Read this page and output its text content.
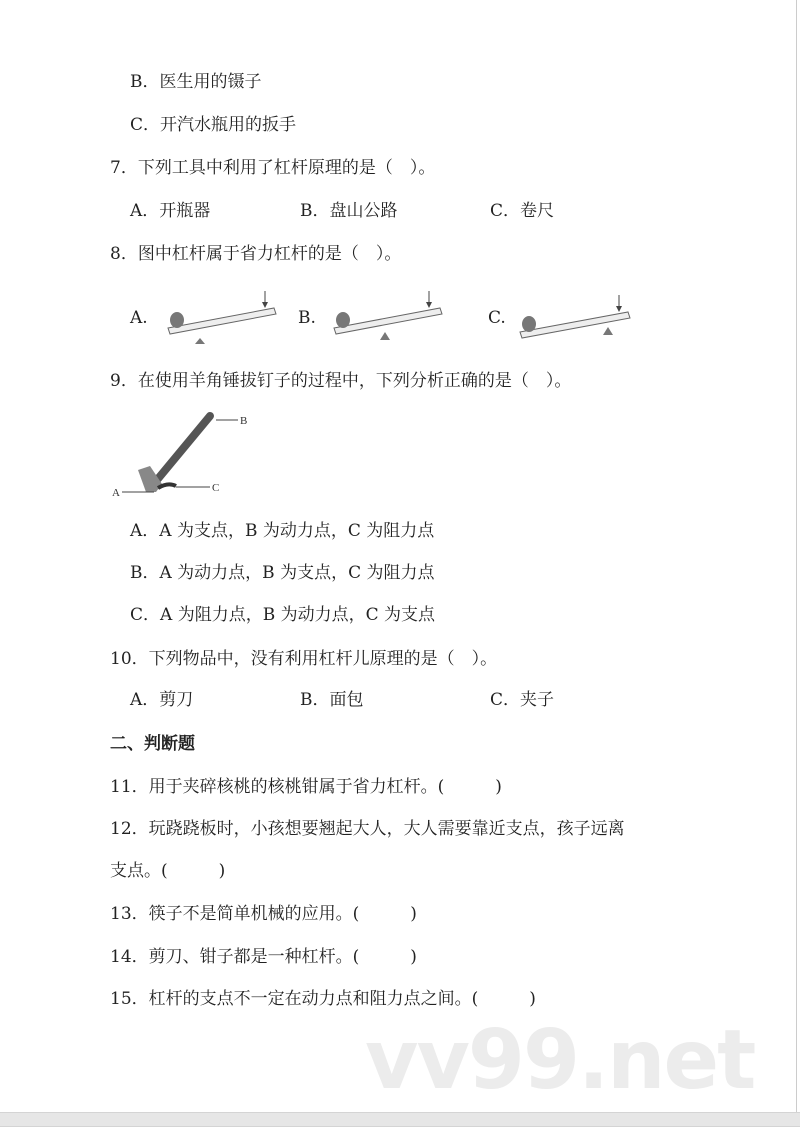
B．医生用的镊子
C．开汽水瓶用的扳手
7．下列工具中利用了杠杆原理的是（　）。
A．开瓶器	B．盘山公路	C．卷尺
8．图中杠杆属于省力杠杆的是（　）。
A.	B.	C.
9．在使用羊角锤拔钉子的过程中，下列分析正确的是（　）。
B
A	C
A．A 为支点，B 为动力点，C 为阻力点
B．A 为动力点，B 为支点，C 为阻力点
C．A 为阻力点，B 为动力点，C 为支点
10．下列物品中，没有利用杠杆儿原理的是（　）。
A．剪刀	B．面包	C．夹子
二、判断题
11．用于夹碎核桃的核桃钳属于省力杠杆。(　　　)
12．玩跷跷板时，小孩想要翘起大人，大人需要靠近支点，孩子远离
支点。(　　　)
13．筷子不是简单机械的应用。(　　　)
14．剪刀、钳子都是一种杠杆。(　　　)
15．杠杆的支点不一定在动力点和阻力点之间。(　　　)
vv99.net
